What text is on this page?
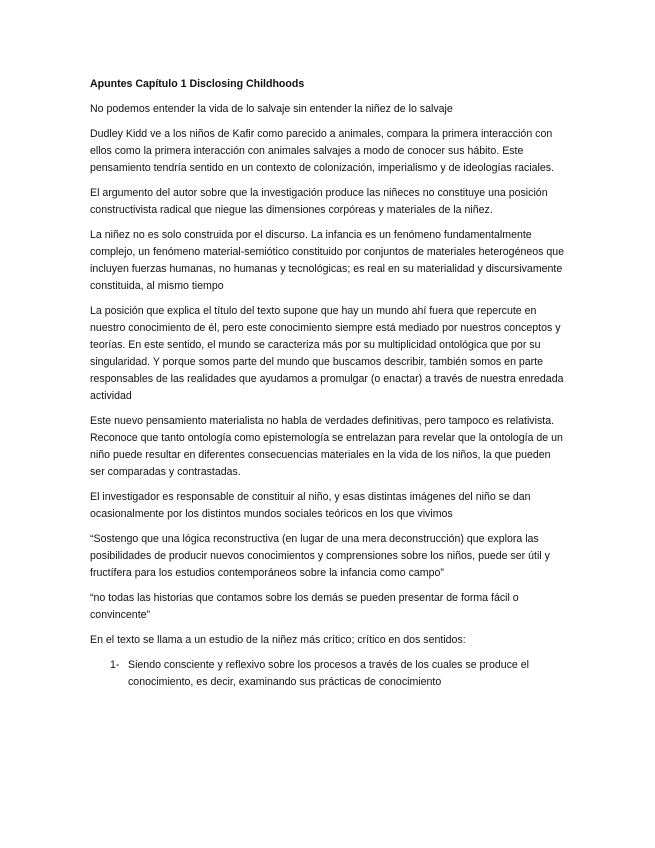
Apuntes Capítulo 1 Disclosing Childhoods

No podemos entender la vida de lo salvaje sin entender la niñez de lo salvaje

Dudley Kidd ve a los niños de Kafir como parecido a animales, compara la primera interacción con ellos como la primera interacción con animales salvajes a modo de conocer sus hábito. Este pensamiento tendría sentido en un contexto de colonización, imperialismo y de ideologías raciales.

El argumento del autor sobre que la investigación produce las niñeces no constituye una posición constructivista radical que niegue las dimensiones corpóreas y materiales de la niñez.

La niñez no es solo construida por el discurso. La infancia es un fenómeno fundamentalmente complejo, un fenómeno material-semiótico constituido por conjuntos de materiales heterogéneos que incluyen fuerzas humanas, no humanas y tecnológicas; es real en su materialidad y discursivamente constituida, al mismo tiempo

La posición que explica el título del texto supone que hay un mundo ahí fuera que repercute en nuestro conocimiento de él, pero este conocimiento siempre está mediado por nuestros conceptos y teorías. En este sentido, el mundo se caracteriza más por su multiplicidad ontológica que por su singularidad. Y porque somos parte del mundo que buscamos describir, también somos en parte responsables de las realidades que ayudamos a promulgar (o enactar) a través de nuestra enredada actividad

Este nuevo pensamiento materialista no habla de verdades definitivas, pero tampoco es relativista. Reconoce que tanto ontología como epistemología se entrelazan para revelar que la ontología de un niño puede resultar en diferentes consecuencias materiales en la vida de los niños, la que pueden ser comparadas y contrastadas.

El investigador es responsable de constituir al niño, y esas distintas imágenes del niño se dan ocasionalmente por los distintos mundos sociales teóricos en los que vivimos

“Sostengo que una lógica reconstructiva (en lugar de una mera deconstrucción) que explora las posibilidades de producir nuevos conocimientos y comprensiones sobre los niños, puede ser útil y fructífera para los estudios contemporáneos sobre la infancia como campo”

“no todas las historias que contamos sobre los demás se pueden presentar de forma fácil o convincente”

En el texto se llama a un estudio de la niñez más crítico; crítico en dos sentidos:

1- Siendo consciente y reflexivo sobre los procesos a través de los cuales se produce el conocimiento, es decir, examinando sus prácticas de conocimiento
